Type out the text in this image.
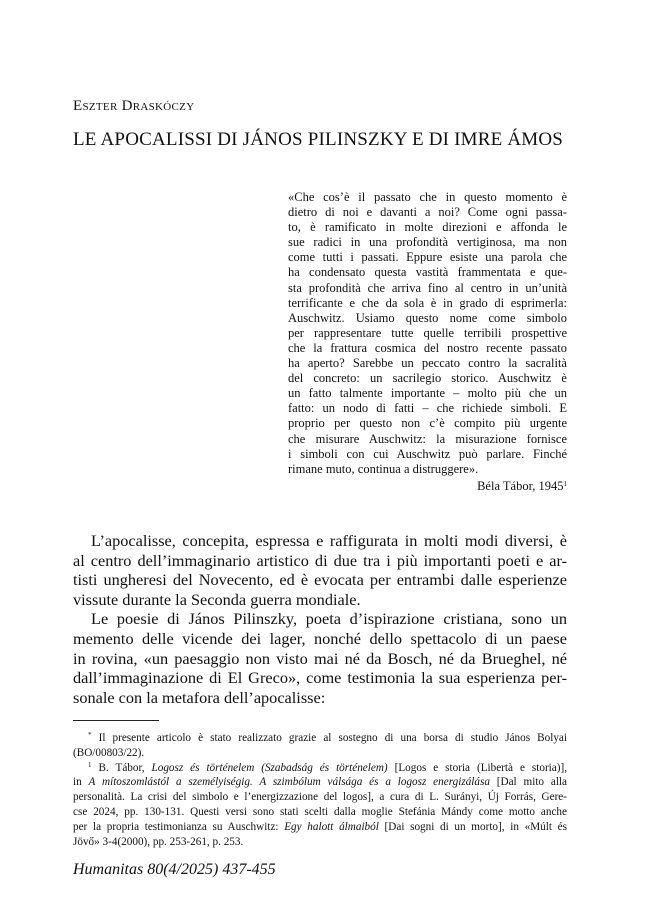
Eszter Draskóczy
LE APOCALISSI DI JÁNOS PILINSZKY E DI IMRE ÁMOS
«Che cos’è il passato che in questo momento è
dietro di noi e davanti a noi? Come ogni passa-
to, è ramificato in molte direzioni e affonda le
sue radici in una profondità vertiginosa, ma non
come tutti i passati. Eppure esiste una parola che
ha condensato questa vastità frammentata e que-
sta profondità che arriva fino al centro in un’unità
terrificante e che da sola è in grado di esprimerla:
Auschwitz. Usiamo questo nome come simbolo
per rappresentare tutte quelle terribili prospettive
che la frattura cosmica del nostro recente passato
ha aperto? Sarebbe un peccato contro la sacralità
del concreto: un sacrilegio storico. Auschwitz è
un fatto talmente importante – molto più che un
fatto: un nodo di fatti – che richiede simboli. E
proprio per questo non c’è compito più urgente
che misurare Auschwitz: la misurazione fornisce
i simboli con cui Auschwitz può parlare. Finché
rimane muto, continua a distruggere».
Béla Tábor, 1945$^1$
L’apocalisse, concepita, espressa e raffigurata in molti modi diversi, è
al centro dell’immaginario artistico di due tra i più importanti poeti e ar-
tisti ungheresi del Novecento, ed è evocata per entrambi dalle esperienze
vissute durante la Seconda guerra mondiale.
Le poesie di János Pilinszky, poeta d’ispirazione cristiana, sono un
memento delle vicende dei lager, nonché dello spettacolo di un paese
in rovina, «un paesaggio non visto mai né da Bosch, né da Brueghel, né
dall’immaginazione di El Greco», come testimonia la sua esperienza per-
sonale con la metafora dell’apocalisse:
* Il presente articolo è stato realizzato grazie al sostegno di una borsa di studio János Bolyai
(BO/00803/22).
$^1$ B. Tábor, Logosz és történelem (Szabadság és történelem) [Logos e storia (Libertà e storia)],
in A mítoszomlástól a személyiségig. A szimbólum válsága és a logosz energizálása [Dal mito alla
personalità. La crisi del simbolo e l’energizzazione del logos], a cura di L. Surányi, Új Forrás, Gere-
cse 2024, pp. 130-131. Questi versi sono stati scelti dalla moglie Stefánia Mándy come motto anche
per la propria testimonianza su Auschwitz: Egy halott álmaiból [Dai sogni di un morto], in «Múlt és
Jövő» 3-4(2000), pp. 253-261, p. 253.
Humanitas 80(4/2025) 437-455
